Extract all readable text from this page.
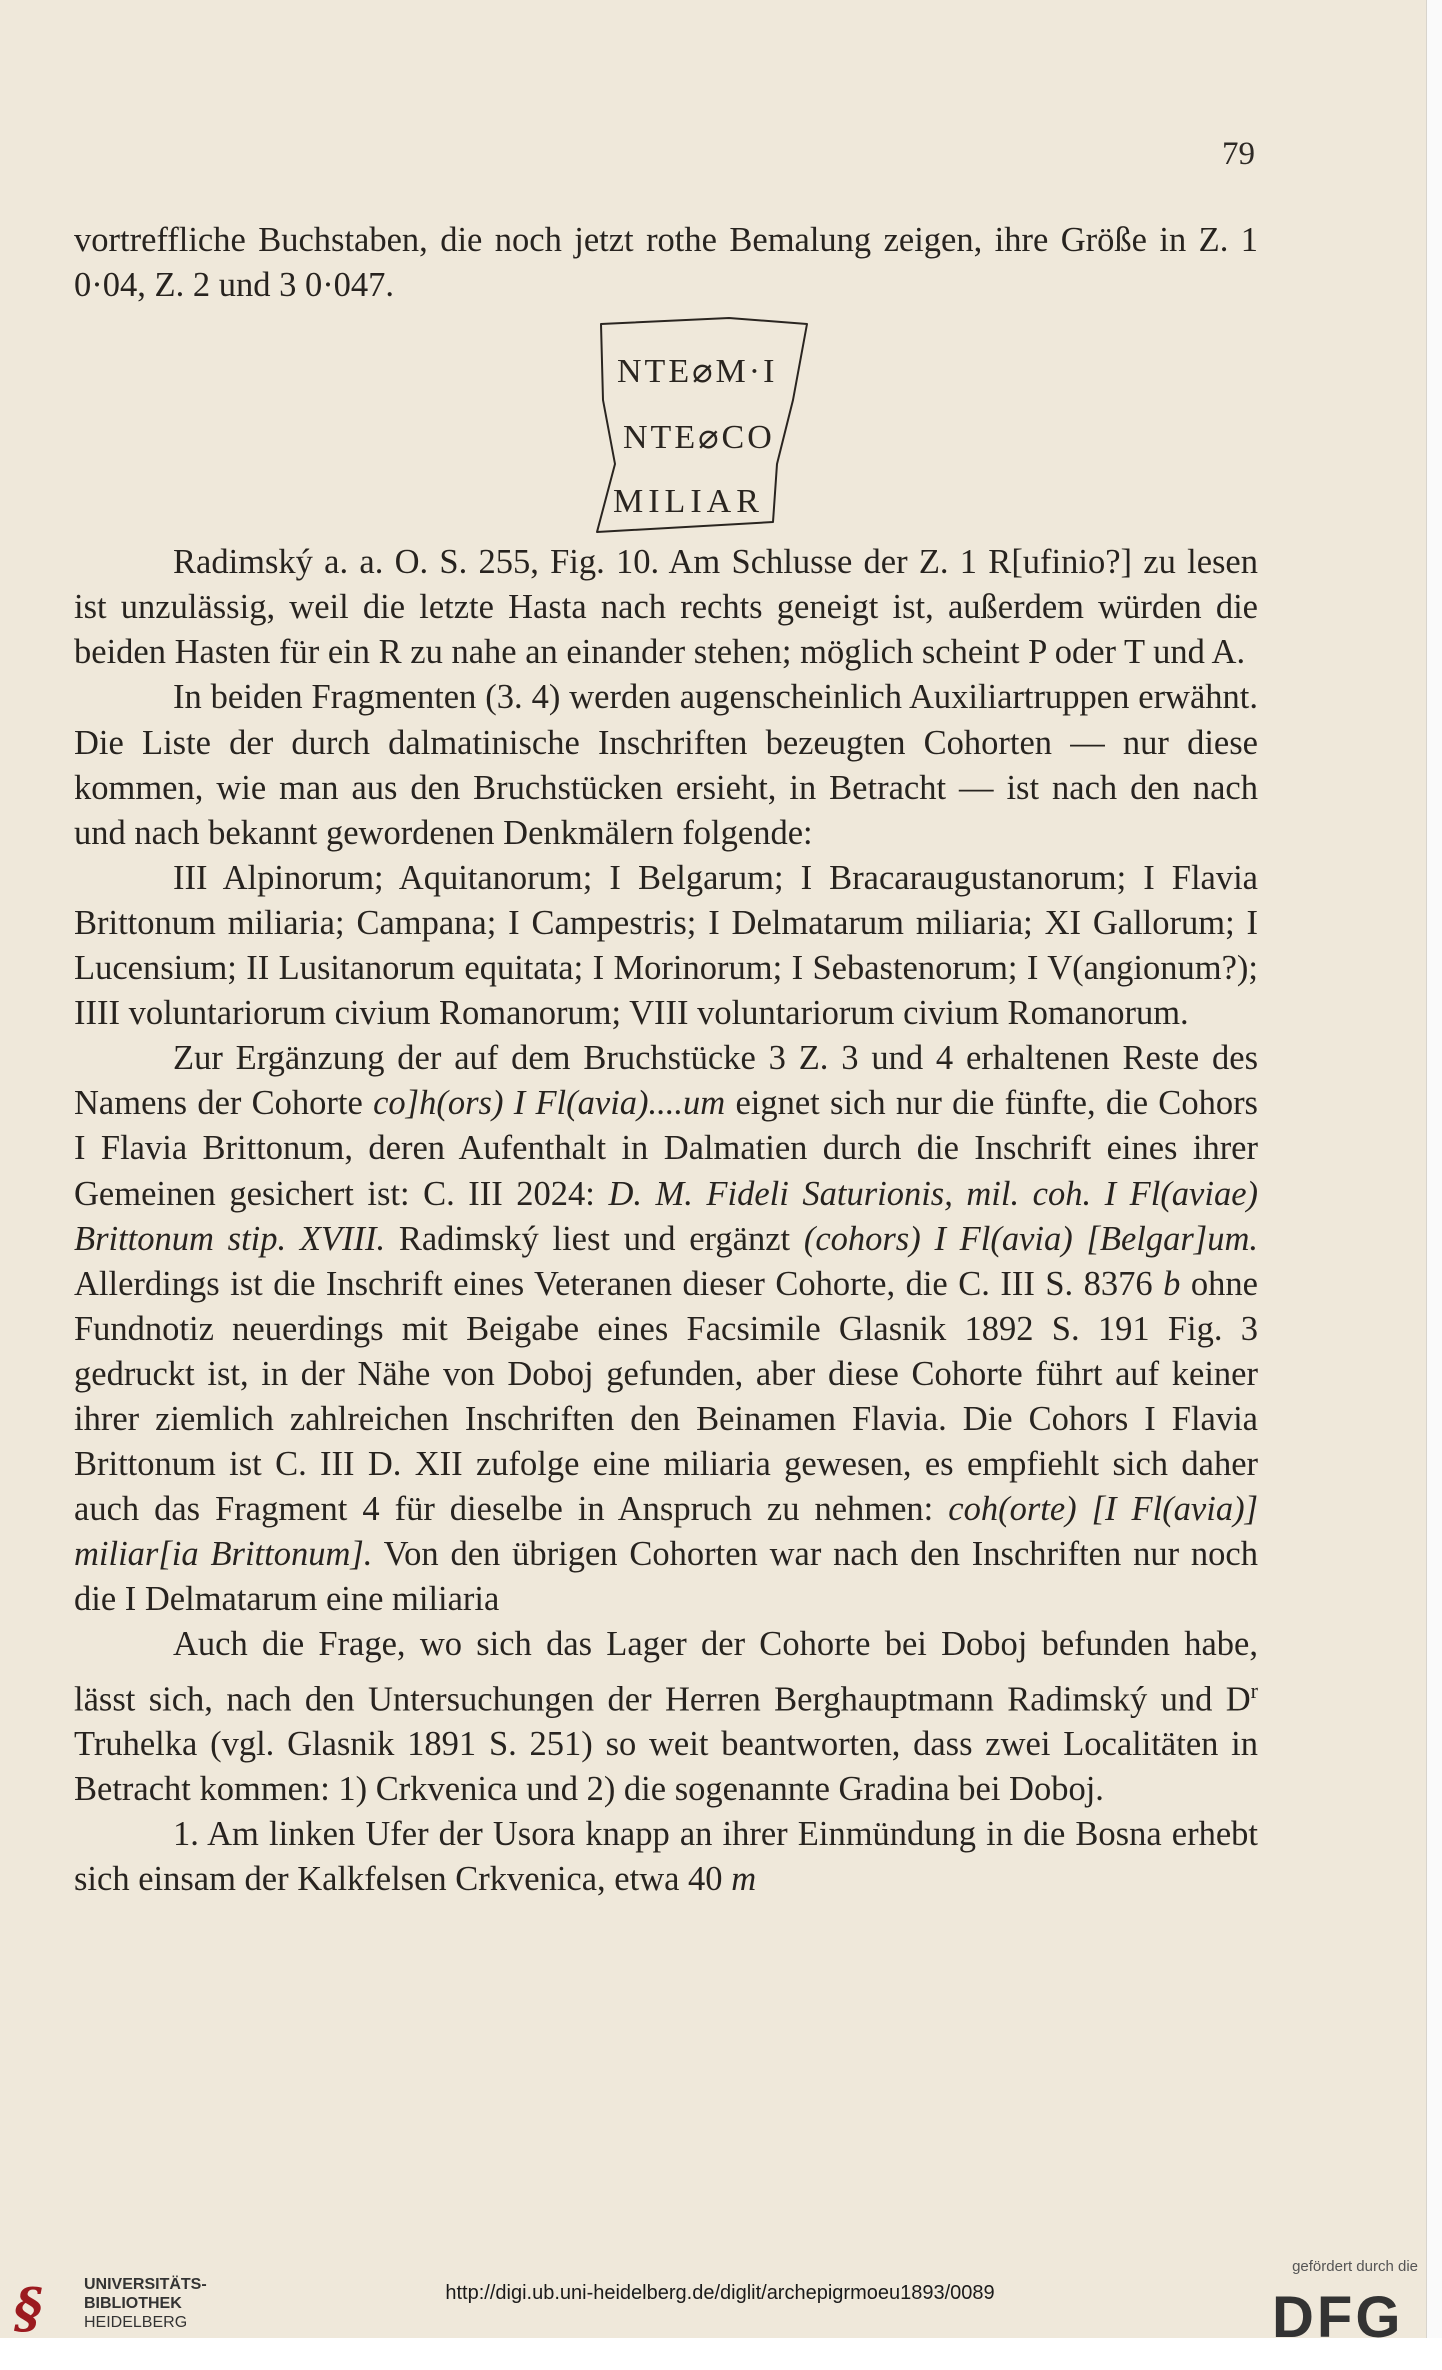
79

vortreffliche Buchstaben, die noch jetzt rothe Bemalung zeigen, ihre Größe in Z. 1 0·04, Z. 2 und 3 0·047.

NTE⌀M·I
NTE⌀CO
MILIAR

Radimský a. a. O. S. 255, Fig. 10. Am Schlusse der Z. 1 R[ufinio?] zu lesen ist unzulässig, weil die letzte Hasta nach rechts geneigt ist, außerdem würden die beiden Hasten für ein R zu nahe an einander stehen; möglich scheint P oder T und A.

In beiden Fragmenten (3. 4) werden augenscheinlich Auxiliartruppen erwähnt. Die Liste der durch dalmatinische Inschriften bezeugten Cohorten — nur diese kommen, wie man aus den Bruchstücken ersieht, in Betracht — ist nach den nach und nach bekannt gewordenen Denkmälern folgende:

III Alpinorum; Aquitanorum; I Belgarum; I Bracaraugustanorum; I Flavia Brittonum miliaria; Campana; I Campestris; I Delmatarum miliaria; XI Gallorum; I Lucensium; II Lusitanorum equitata; I Morinorum; I Sebastenorum; I V(angionum?); IIII voluntariorum civium Romanorum; VIII voluntariorum civium Romanorum.

Zur Ergänzung der auf dem Bruchstücke 3 Z. 3 und 4 erhaltenen Reste des Namens der Cohorte co]h(ors) I Fl(avia)....um eignet sich nur die fünfte, die Cohors I Flavia Brittonum, deren Aufenthalt in Dalmatien durch die Inschrift eines ihrer Gemeinen gesichert ist: C. III 2024: D. M. Fideli Saturionis, mil. coh. I Fl(aviae) Brittonum stip. XVIII. Radimský liest und ergänzt (cohors) I Fl(avia) [Belgar]um. Allerdings ist die Inschrift eines Veteranen dieser Cohorte, die C. III S. 8376 b ohne Fundnotiz neuerdings mit Beigabe eines Facsimile Glasnik 1892 S. 191 Fig. 3 gedruckt ist, in der Nähe von Doboj gefunden, aber diese Cohorte führt auf keiner ihrer ziemlich zahlreichen Inschriften den Beinamen Flavia. Die Cohors I Flavia Brittonum ist C. III D. XII zufolge eine miliaria gewesen, es empfiehlt sich daher auch das Fragment 4 für dieselbe in Anspruch zu nehmen: coh(orte) [I Fl(avia)] miliar[ia Brittonum]. Von den übrigen Cohorten war nach den Inschriften nur noch die I Delmatarum eine miliaria

Auch die Frage, wo sich das Lager der Cohorte bei Doboj befunden habe, lässt sich, nach den Untersuchungen der Herren Berghauptmann Radimský und $D^r$ Truhelka (vgl. Glasnik 1891 S. 251) so weit beantworten, dass zwei Localitäten in Betracht kommen: 1) Crkvenica und 2) die sogenannte Gradina bei Doboj.

1. Am linken Ufer der Usora knapp an ihrer Einmündung in die Bosna erhebt sich einsam der Kalkfelsen Crkvenica, etwa 40 m

§	UNIVERSITÄTS-
BIBLIOTHEK
HEIDELBERG
http://digi.ub.uni-heidelberg.de/diglit/archepigrmoeu1893/0089
gefördert durch die
DFG
